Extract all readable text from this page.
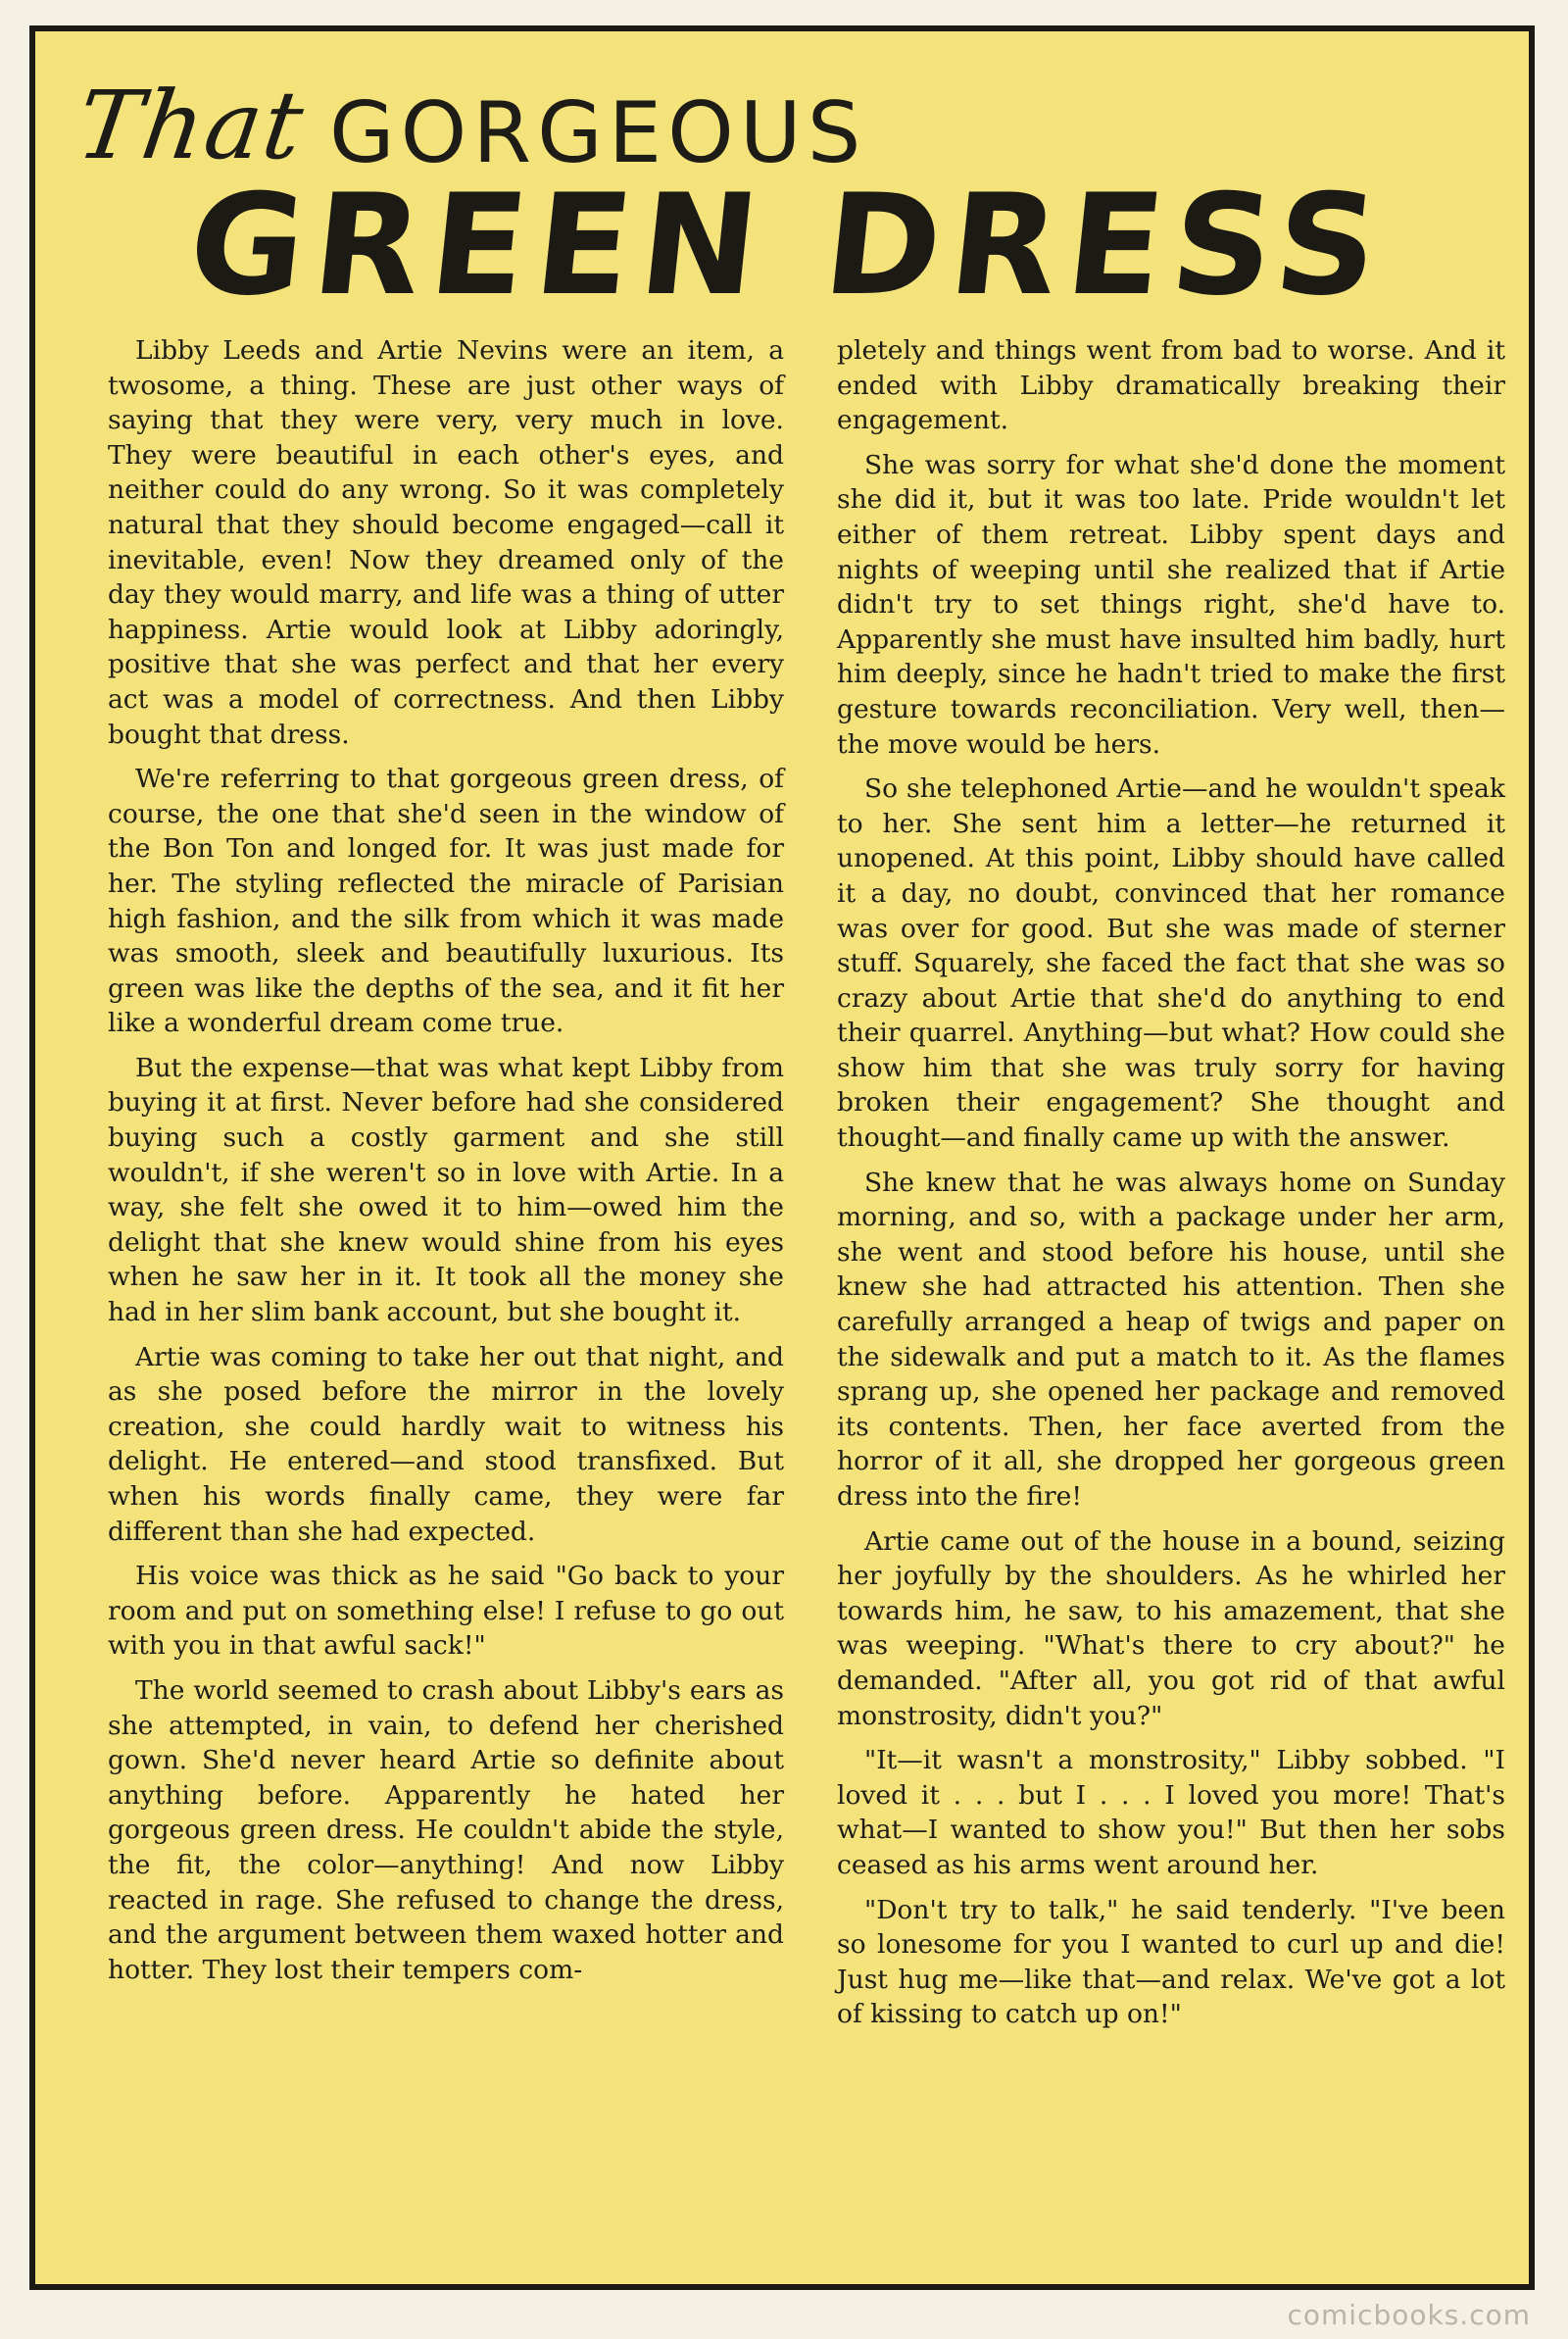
That GORGEOUS
GREEN DRESS

Libby Leeds and Artie Nevins were an item, a twosome, a thing. These are just other ways of saying that they were very, very much in love. They were beautiful in each other's eyes, and neither could do any wrong. So it was completely natural that they should become engaged—call it inevitable, even! Now they dreamed only of the day they would marry, and life was a thing of utter happiness. Artie would look at Libby adoringly, positive that she was perfect and that her every act was a model of correctness. And then Libby bought that dress.

We're referring to that gorgeous green dress, of course, the one that she'd seen in the window of the Bon Ton and longed for. It was just made for her. The styling reflected the miracle of Parisian high fashion, and the silk from which it was made was smooth, sleek and beautifully luxurious. Its green was like the depths of the sea, and it fit her like a wonderful dream come true.

But the expense—that was what kept Libby from buying it at first. Never before had she considered buying such a costly garment and she still wouldn't, if she weren't so in love with Artie. In a way, she felt she owed it to him—owed him the delight that she knew would shine from his eyes when he saw her in it. It took all the money she had in her slim bank account, but she bought it.

Artie was coming to take her out that night, and as she posed before the mirror in the lovely creation, she could hardly wait to witness his delight. He entered—and stood transfixed. But when his words finally came, they were far different than she had expected.

His voice was thick as he said "Go back to your room and put on something else! I refuse to go out with you in that awful sack!"

The world seemed to crash about Libby's ears as she attempted, in vain, to defend her cherished gown. She'd never heard Artie so definite about anything before. Apparently he hated her gorgeous green dress. He couldn't abide the style, the fit, the color—anything! And now Libby reacted in rage. She refused to change the dress, and the argument between them waxed hotter and hotter. They lost their tempers com-

pletely and things went from bad to worse. And it ended with Libby dramatically breaking their engagement.

She was sorry for what she'd done the moment she did it, but it was too late. Pride wouldn't let either of them retreat. Libby spent days and nights of weeping until she realized that if Artie didn't try to set things right, she'd have to. Apparently she must have insulted him badly, hurt him deeply, since he hadn't tried to make the first gesture towards reconciliation. Very well, then—the move would be hers.

So she telephoned Artie—and he wouldn't speak to her. She sent him a letter—he returned it unopened. At this point, Libby should have called it a day, no doubt, convinced that her romance was over for good. But she was made of sterner stuff. Squarely, she faced the fact that she was so crazy about Artie that she'd do anything to end their quarrel. Anything—but what? How could she show him that she was truly sorry for having broken their engagement? She thought and thought—and finally came up with the answer.

She knew that he was always home on Sunday morning, and so, with a package under her arm, she went and stood before his house, until she knew she had attracted his attention. Then she carefully arranged a heap of twigs and paper on the sidewalk and put a match to it. As the flames sprang up, she opened her package and removed its contents. Then, her face averted from the horror of it all, she dropped her gorgeous green dress into the fire!

Artie came out of the house in a bound, seizing her joyfully by the shoulders. As he whirled her towards him, he saw, to his amazement, that she was weeping. "What's there to cry about?" he demanded. "After all, you got rid of that awful monstrosity, didn't you?"

"It—it wasn't a monstrosity," Libby sobbed. "I loved it . . . but I . . . I loved you more! That's what—I wanted to show you!" But then her sobs ceased as his arms went around her.

"Don't try to talk," he said tenderly. "I've been so lonesome for you I wanted to curl up and die! Just hug me—like that—and relax. We've got a lot of kissing to catch up on!"

comicbooks.com
